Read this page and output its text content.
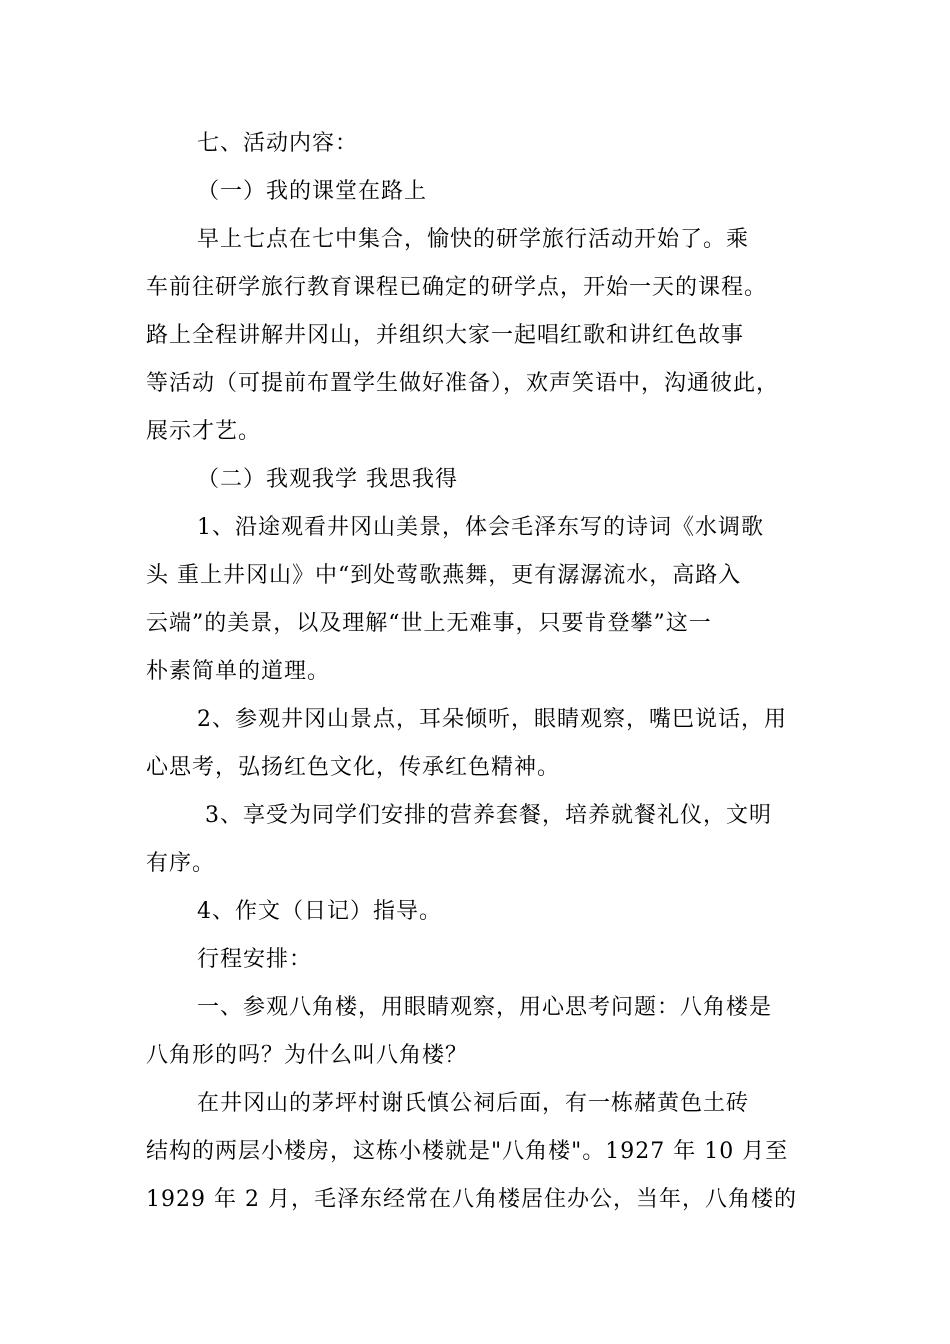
七、活动内容：
（一）我的课堂在路上
早上七点在七中集合，愉快的研学旅行活动开始了。乘
车前往研学旅行教育课程已确定的研学点，开始一天的课程。
路上全程讲解井冈山，并组织大家一起唱红歌和讲红色故事
等活动（可提前布置学生做好准备），欢声笑语中，沟通彼此，
展示才艺。
（二）我观我学 我思我得
1、沿途观看井冈山美景，体会毛泽东写的诗词《水调歌
头 重上井冈山》中“到处莺歌燕舞，更有潺潺流水，高路入
云端”的美景，以及理解“世上无难事，只要肯登攀”这一
朴素简单的道理。
2、参观井冈山景点，耳朵倾听，眼睛观察，嘴巴说话，用
心思考，弘扬红色文化，传承红色精神。
3、享受为同学们安排的营养套餐，培养就餐礼仪，文明
有序。
4、作文（日记）指导。
行程安排：
一、参观八角楼，用眼睛观察，用心思考问题：八角楼是
八角形的吗？为什么叫八角楼？
在井冈山的茅坪村谢氏慎公祠后面，有一栋赭黄色土砖
结构的两层小楼房，这栋小楼就是"八角楼"。1927 年 10 月至
1929 年 2 月，毛泽东经常在八角楼居住办公，当年，八角楼的
